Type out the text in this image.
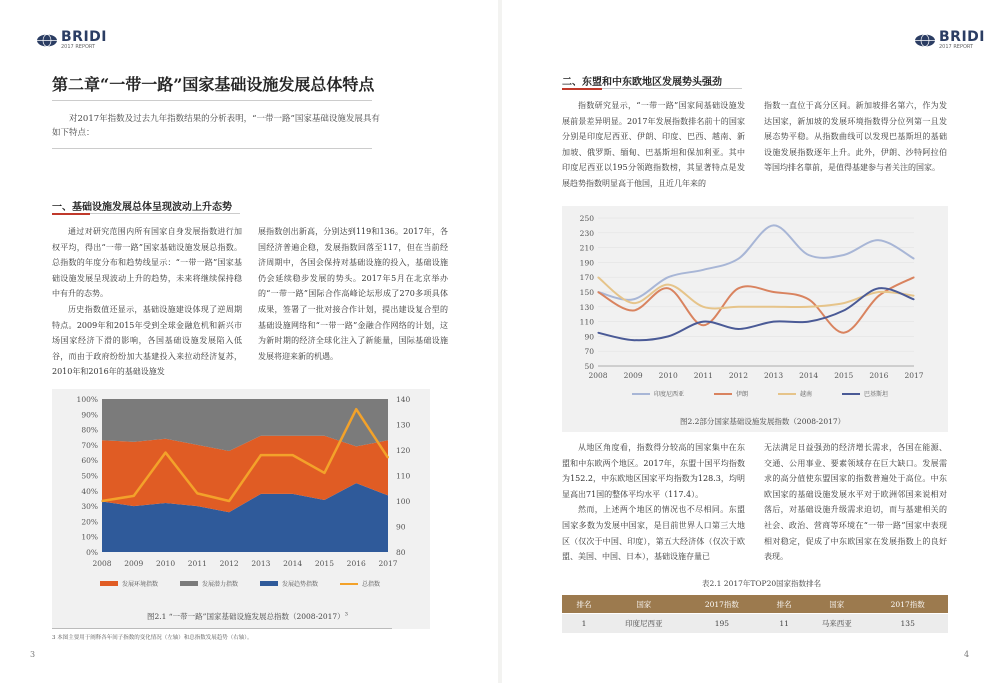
BRIDI
2017 REPORT
第二章“一带一路”国家基础设施发展总体特点
对2017年指数及过去九年指数结果的分析表明，“一带一路”国家基础设施发展具有如下特点：
一、基础设施发展总体呈现波动上升态势

通过对研究范围内所有国家自身发展指数进行加权平均，得出“一带一路”国家基础设施发展总指数。总指数的年度分布和趋势线显示：“一带一路”国家基础设施发展呈现波动上升的趋势，未来将继续保持稳中有升的态势。

历史指数值还显示，基础设施建设体现了逆周期特点。2009年和2015年受到全球金融危机和新兴市场国家经济下滑的影响，各国基础设施发展陷入低谷，而由于政府纷纷加大基建投入来拉动经济复苏，2010年和2016年的基础设施发

展指数创出新高，分别达到119和136。2017年，各国经济普遍企稳，发展指数回落至117，但在当前经济周期中，各国会保持对基础设施的投入，基础设施仍会延续稳步发展的势头。2017年5月在北京举办的“一带一路”国际合作高峰论坛形成了270多项具体成果，签署了一批对接合作计划，提出建设复合型的基础设施网络和“一带一路”金融合作网络的计划，这为新时期的经济全球化注入了新能量，国际基础设施发展将迎来新的机遇。

0%
10%
20%
30%
40%
50%
60%
70%
80%
90%
100%
80
90
100
110
120
130
140
2008 2009 2010 2011 2012 2013 2014 2015 2016 2017
发展环境指数	发展潜力指数	发展趋势指数	总指数
图2.1 “一带一路”国家基础设施发展总指数（2008-2017）$^3$
3 本图主要用于阐释各年间子指数的变化情况（左轴）和总指数发展趋势（右轴）。
3
BRIDI
2017 REPORT
二、东盟和中东欧地区发展势头强劲

指数研究显示，“一带一路”国家间基础设施发展前景差异明显。2017年发展指数排名前十的国家分别是印度尼西亚、伊朗、印度、巴西、越南、新加坡、俄罗斯、缅甸、巴基斯坦和保加利亚。其中印度尼西亚以195分领跑指数榜，其显著特点是发展趋势指数明显高于他国，且近几年来的

指数一直位于高分区间。新加坡排名第六，作为发达国家，新加坡的发展环境指数得分位列第一且发展态势平稳。从指数曲线可以发现巴基斯坦的基础设施发展指数逐年上升。此外，伊朗、沙特阿拉伯等国均排名靠前，是值得基建参与者关注的国家。

50
70
90
110
130
150
170
190
210
230
250
2008 2009 2010 2011 2012 2013 2014 2015 2016 2017
印度尼西亚	伊朗	越南	巴基斯坦
图2.2部分国家基础设施发展指数（2008-2017）

从地区角度看，指数得分较高的国家集中在东盟和中东欧两个地区。2017年，东盟十国平均指数为152.2，中东欧地区国家平均指数为128.3，均明显高出71国的整体平均水平（117.4）。

然而，上述两个地区的情况也不尽相同。东盟国家多数为发展中国家，是目前世界人口第三大地区（仅次于中国、印度），第五大经济体（仅次于欧盟、美国、中国、日本），基础设施存量已

无法满足日益强劲的经济增长需求，各国在能源、交通、公用事业、要素领域存在巨大缺口。发展需求的高分值使东盟国家的指数普遍处于高位。中东欧国家的基础设施发展水平对于欧洲邻国来说相对落后，对基础设施升级需求迫切，而与基建相关的社会、政治、营商等环境在“一带一路”国家中表现相对稳定，促成了中东欧国家在发展指数上的良好表现。

表2.1 2017年TOP20国家指数排名
排名	国家	2017指数	排名	国家	2017指数
1	印度尼西亚	195	11	马来西亚	135
4
